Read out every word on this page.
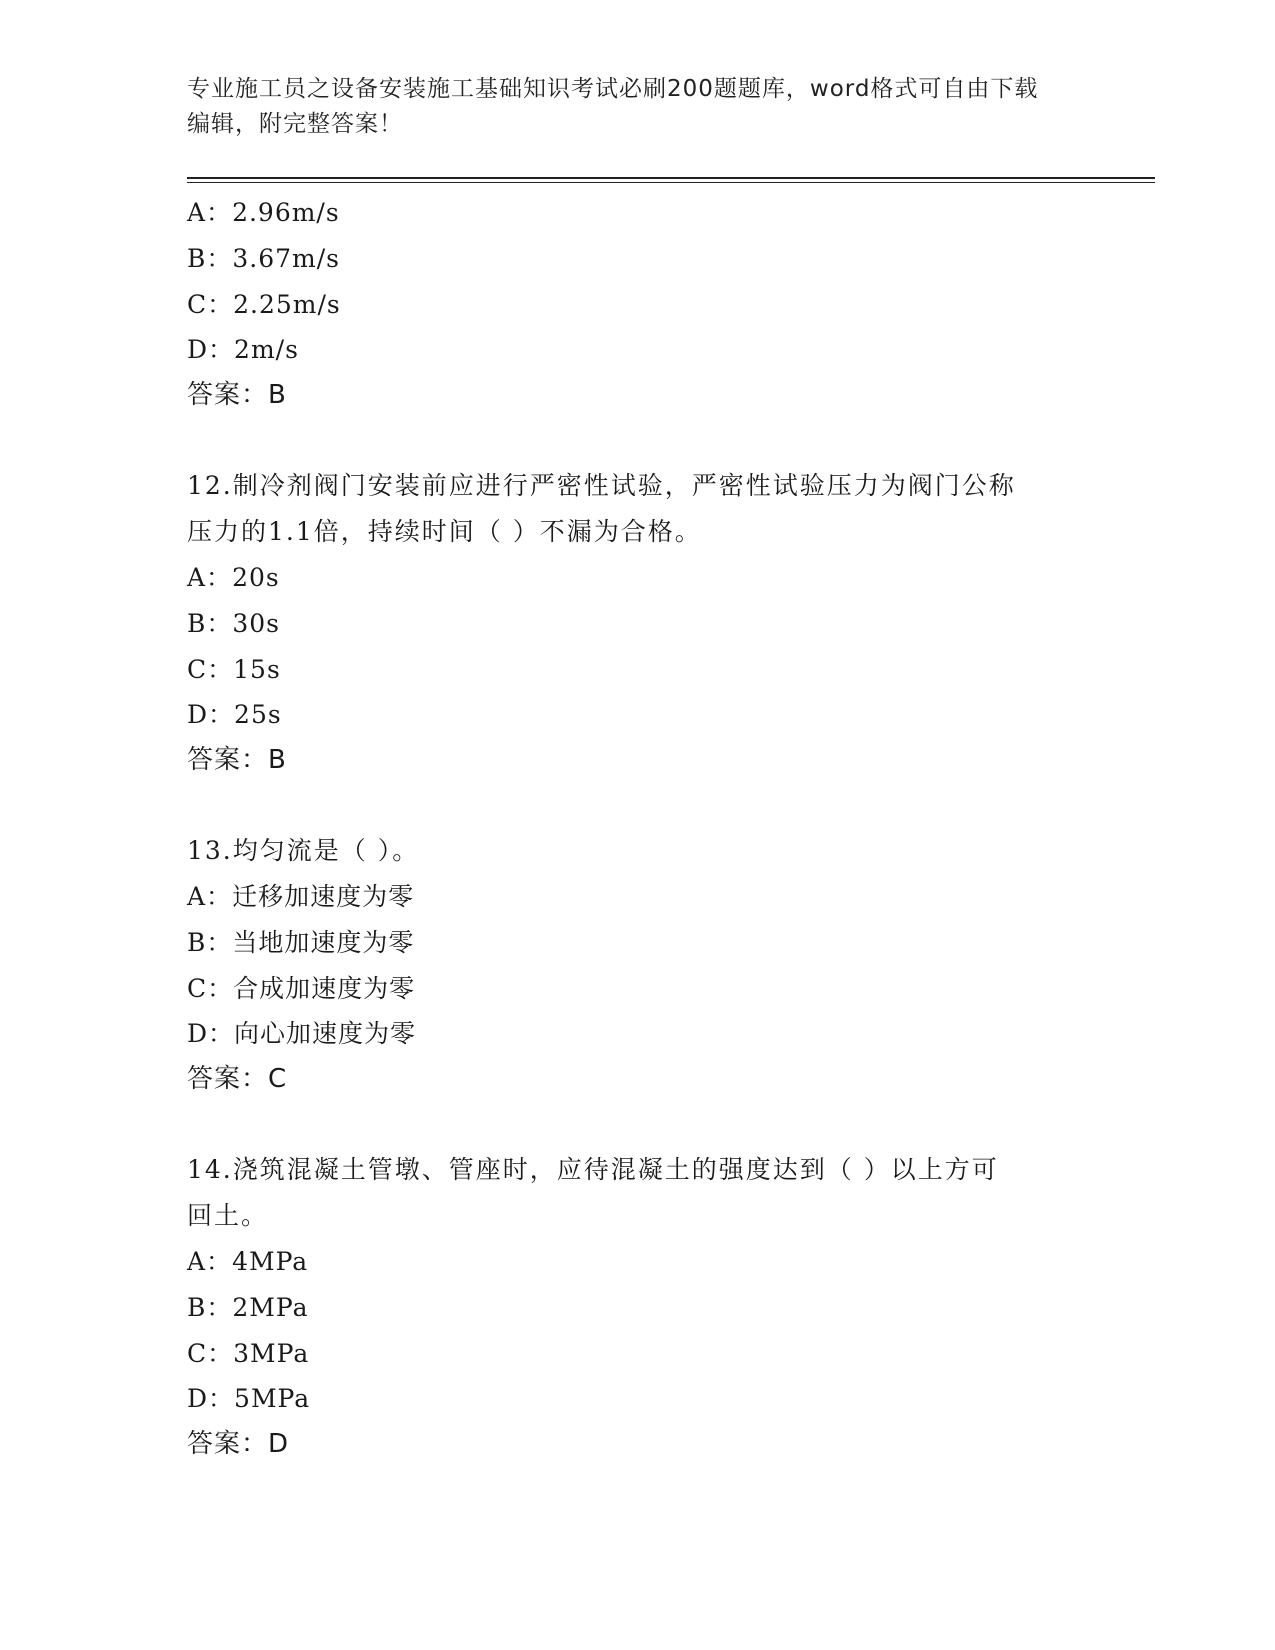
专业施工员之设备安装施工基础知识考试必刷200题题库，word格式可自由下载
编辑，附完整答案！
A：2.96m/s
B：3.67m/s
C：2.25m/s
D：2m/s
答案：B
12.制冷剂阀门安装前应进行严密性试验，严密性试验压力为阀门公称
压力的1.1倍，持续时间（ ）不漏为合格。
A：20s
B：30s
C：15s
D：25s
答案：B
13.均匀流是（ ）。
A：迁移加速度为零
B：当地加速度为零
C：合成加速度为零
D：向心加速度为零
答案：C
14.浇筑混凝土管墩、管座时，应待混凝土的强度达到（ ）以上方可
回土。
A：4MPa
B：2MPa
C：3MPa
D：5MPa
答案：D
